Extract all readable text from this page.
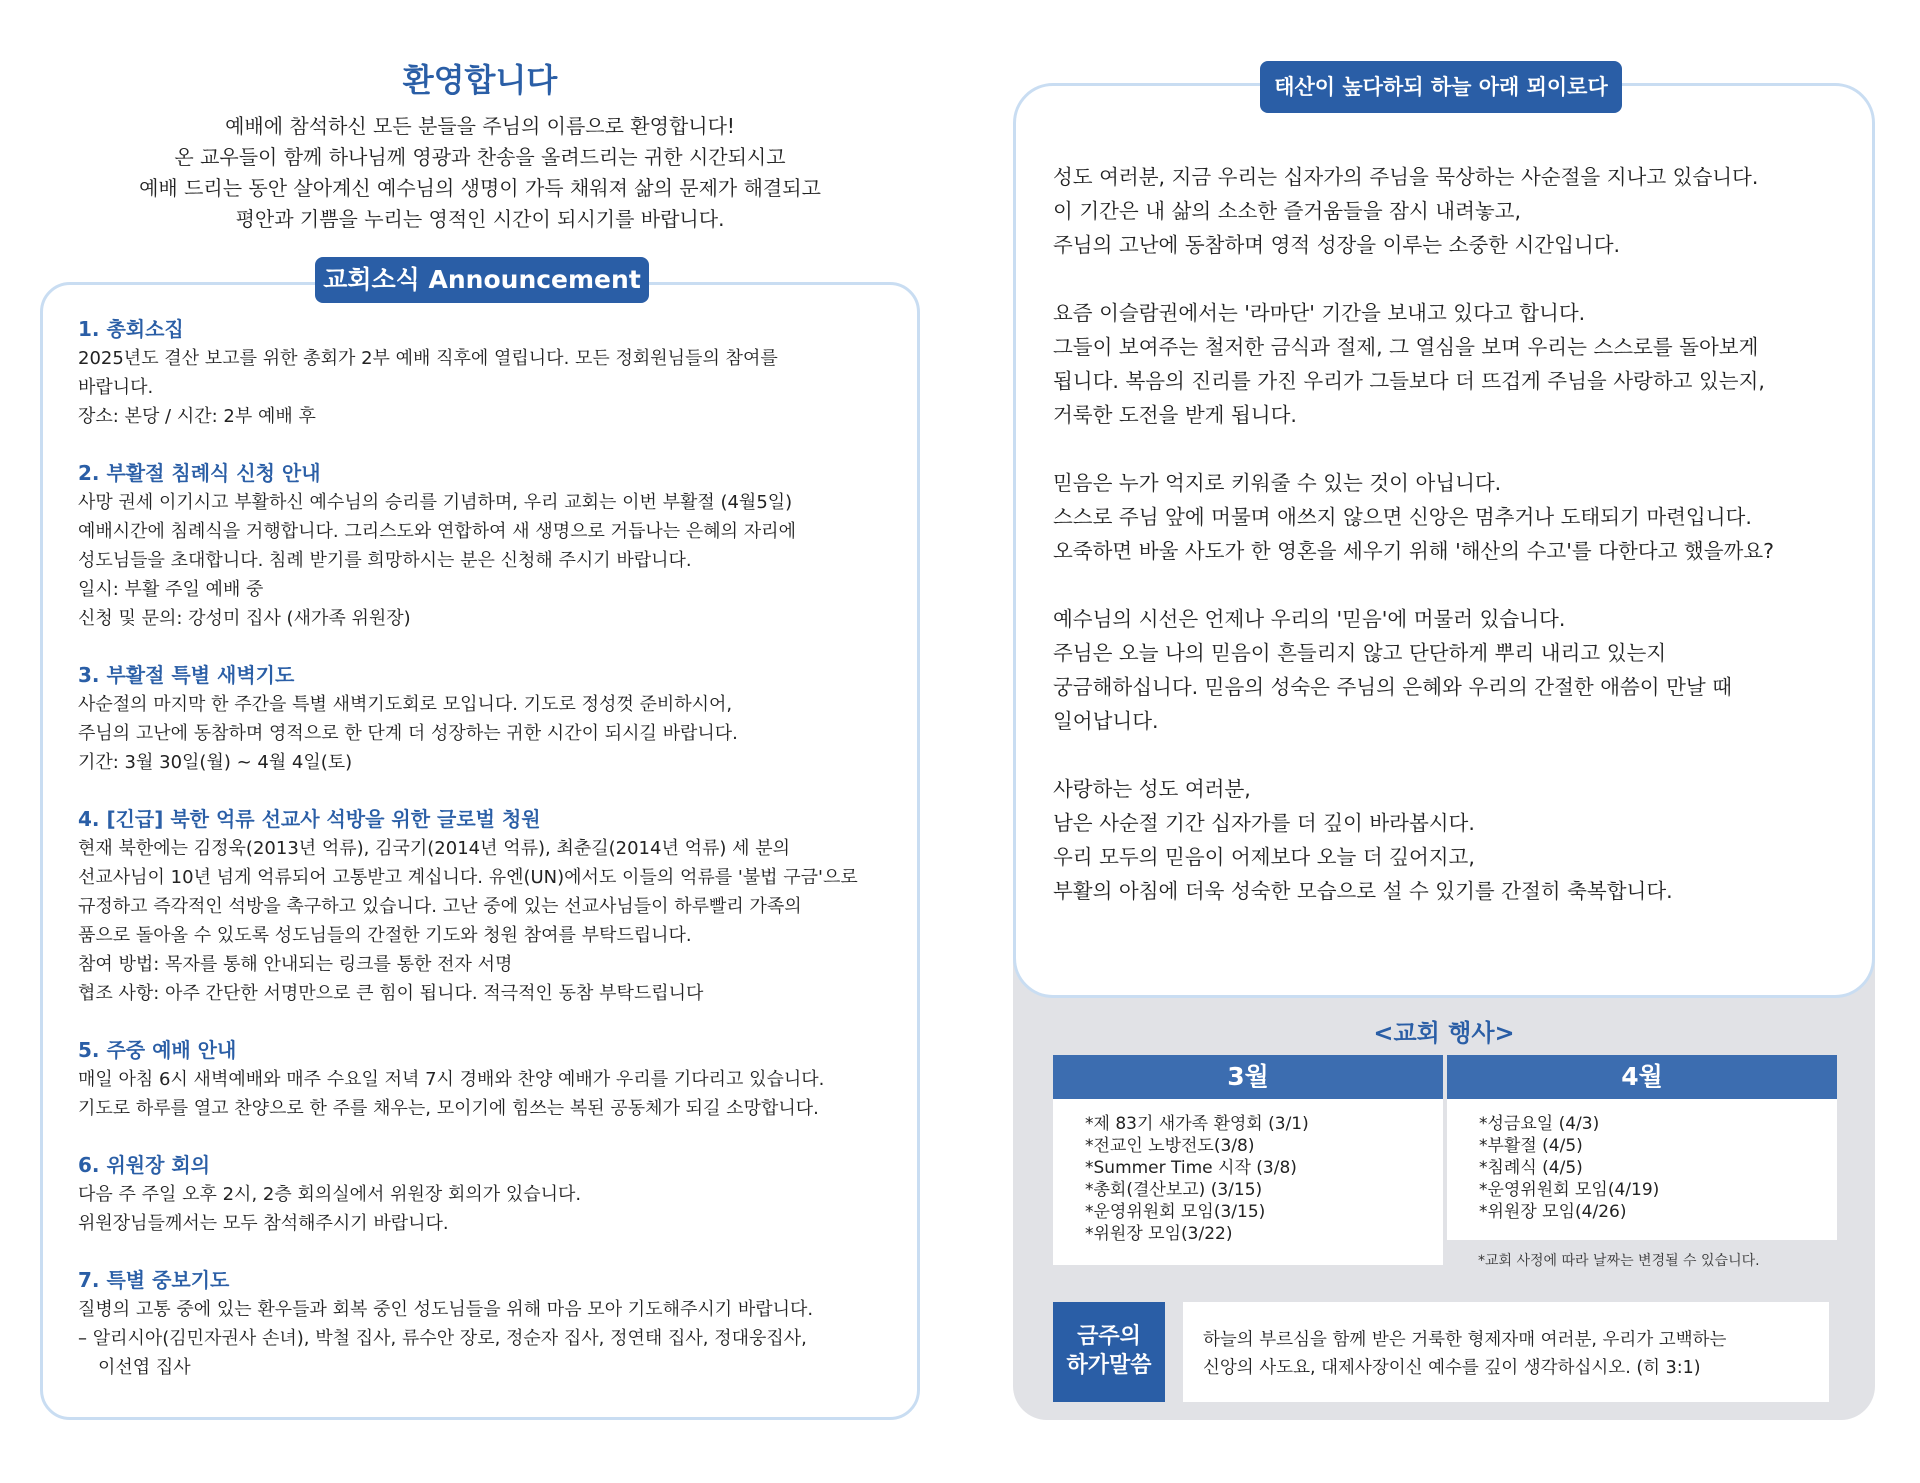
환영합니다
예배에 참석하신 모든 분들을 주님의 이름으로 환영합니다!
온 교우들이 함께 하나님께 영광과 찬송을 올려드리는 귀한 시간되시고
예배 드리는 동안 살아계신 예수님의 생명이 가득 채워져 삶의 문제가 해결되고
평안과 기쁨을 누리는 영적인 시간이 되시기를 바랍니다.
교회소식 Announcement
1. 총회소집
2025년도 결산 보고를 위한 총회가 2부 예배 직후에 열립니다. 모든 정회원님들의 참여를
바랍니다.
장소: 본당 / 시간: 2부 예배 후
2. 부활절 침례식 신청 안내
사망 권세 이기시고 부활하신 예수님의 승리를 기념하며, 우리 교회는 이번 부활절 (4월5일)
예배시간에 침례식을 거행합니다. 그리스도와 연합하여 새 생명으로 거듭나는 은혜의 자리에
성도님들을 초대합니다. 침례 받기를 희망하시는 분은 신청해 주시기 바랍니다.
일시: 부활 주일 예배 중
신청 및 문의: 강성미 집사 (새가족 위원장)
3. 부활절 특별 새벽기도
사순절의 마지막 한 주간을 특별 새벽기도회로 모입니다. 기도로 정성껏 준비하시어,
주님의 고난에 동참하며 영적으로 한 단계 더 성장하는 귀한 시간이 되시길 바랍니다.
기간: 3월 30일(월) ~ 4월 4일(토)
4. [긴급] 북한 억류 선교사 석방을 위한 글로벌 청원
현재 북한에는 김정욱(2013년 억류), 김국기(2014년 억류), 최춘길(2014년 억류) 세 분의
선교사님이 10년 넘게 억류되어 고통받고 계십니다. 유엔(UN)에서도 이들의 억류를 '불법 구금'으로
규정하고 즉각적인 석방을 촉구하고 있습니다. 고난 중에 있는 선교사님들이 하루빨리 가족의
품으로 돌아올 수 있도록 성도님들의 간절한 기도와 청원 참여를 부탁드립니다.
참여 방법: 목자를 통해 안내되는 링크를 통한 전자 서명
협조 사항: 아주 간단한 서명만으로 큰 힘이 됩니다. 적극적인 동참 부탁드립니다
5. 주중 예배 안내
매일 아침 6시 새벽예배와 매주 수요일 저녁 7시 경배와 찬양 예배가 우리를 기다리고 있습니다.
기도로 하루를 열고 찬양으로 한 주를 채우는, 모이기에 힘쓰는 복된 공동체가 되길 소망합니다.
6. 위원장 회의
다음 주 주일 오후 2시, 2층 회의실에서 위원장 회의가 있습니다.
위원장님들께서는 모두 참석해주시기 바랍니다.
7. 특별 중보기도
질병의 고통 중에 있는 환우들과 회복 중인 성도님들을 위해 마음 모아 기도해주시기 바랍니다.
– 알리시아(김민자권사 손녀), 박철 집사, 류수안 장로, 정순자 집사, 정연태 집사, 정대웅집사,
이선엽 집사
태산이 높다하되 하늘 아래 뫼이로다
성도 여러분, 지금 우리는 십자가의 주님을 묵상하는 사순절을 지나고 있습니다.
이 기간은 내 삶의 소소한 즐거움들을 잠시 내려놓고,
주님의 고난에 동참하며 영적 성장을 이루는 소중한 시간입니다.
요즘 이슬람권에서는 '라마단' 기간을 보내고 있다고 합니다.
그들이 보여주는 철저한 금식과 절제, 그 열심을 보며 우리는 스스로를 돌아보게
됩니다. 복음의 진리를 가진 우리가 그들보다 더 뜨겁게 주님을 사랑하고 있는지,
거룩한 도전을 받게 됩니다.
믿음은 누가 억지로 키워줄 수 있는 것이 아닙니다.
스스로 주님 앞에 머물며 애쓰지 않으면 신앙은 멈추거나 도태되기 마련입니다.
오죽하면 바울 사도가 한 영혼을 세우기 위해 '해산의 수고'를 다한다고 했을까요?
예수님의 시선은 언제나 우리의 '믿음'에 머물러 있습니다.
주님은 오늘 나의 믿음이 흔들리지 않고 단단하게 뿌리 내리고 있는지
궁금해하십니다. 믿음의 성숙은 주님의 은혜와 우리의 간절한 애씀이 만날 때
일어납니다.
사랑하는 성도 여러분,
남은 사순절 기간 십자가를 더 깊이 바라봅시다.
우리 모두의 믿음이 어제보다 오늘 더 깊어지고,
부활의 아침에 더욱 성숙한 모습으로 설 수 있기를 간절히 축복합니다.
<교회 행사>
3월
*제 83기 새가족 환영회 (3/1)
*전교인 노방전도(3/8)
*Summer Time 시작 (3/8)
*총회(결산보고) (3/15)
*운영위원회 모임(3/15)
*위원장 모임(3/22)
4월
*성금요일 (4/3)
*부활절 (4/5)
*침례식 (4/5)
*운영위원회 모임(4/19)
*위원장 모임(4/26)
*교회 사정에 따라 날짜는 변경될 수 있습니다.
금주의
하가말씀
하늘의 부르심을 함께 받은 거룩한 형제자매 여러분, 우리가 고백하는
신앙의 사도요, 대제사장이신 예수를 깊이 생각하십시오. (히 3:1)
